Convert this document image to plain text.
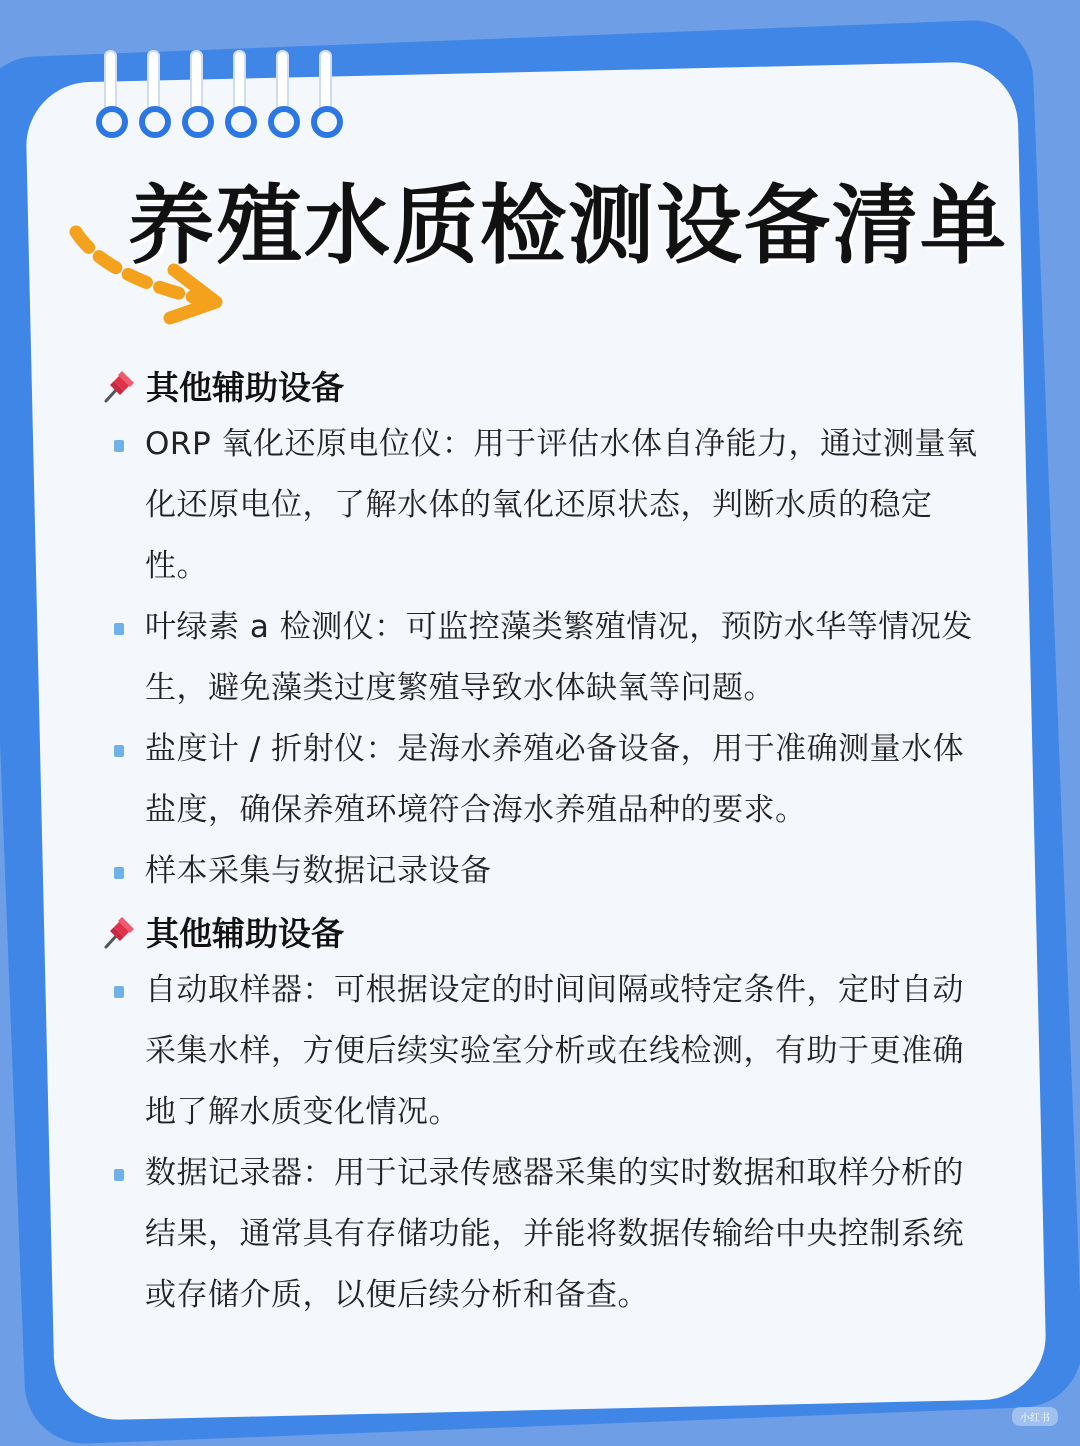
养殖水质检测设备清单
其他辅助设备
ORP 氧化还原电位仪：用于评估水体自净能力，通过测量氧化还原电位，了解水体的氧化还原状态，判断水质的稳定性。
叶绿素 a 检测仪：可监控藻类繁殖情况，预防水华等情况发生，避免藻类过度繁殖导致水体缺氧等问题。
盐度计 / 折射仪：是海水养殖必备设备，用于准确测量水体盐度，确保养殖环境符合海水养殖品种的要求。
样本采集与数据记录设备
其他辅助设备
自动取样器：可根据设定的时间间隔或特定条件，定时自动采集水样，方便后续实验室分析或在线检测，有助于更准确地了解水质变化情况。
数据记录器：用于记录传感器采集的实时数据和取样分析的结果，通常具有存储功能，并能将数据传输给中央控制系统或存储介质，以便后续分析和备查。
小红书
